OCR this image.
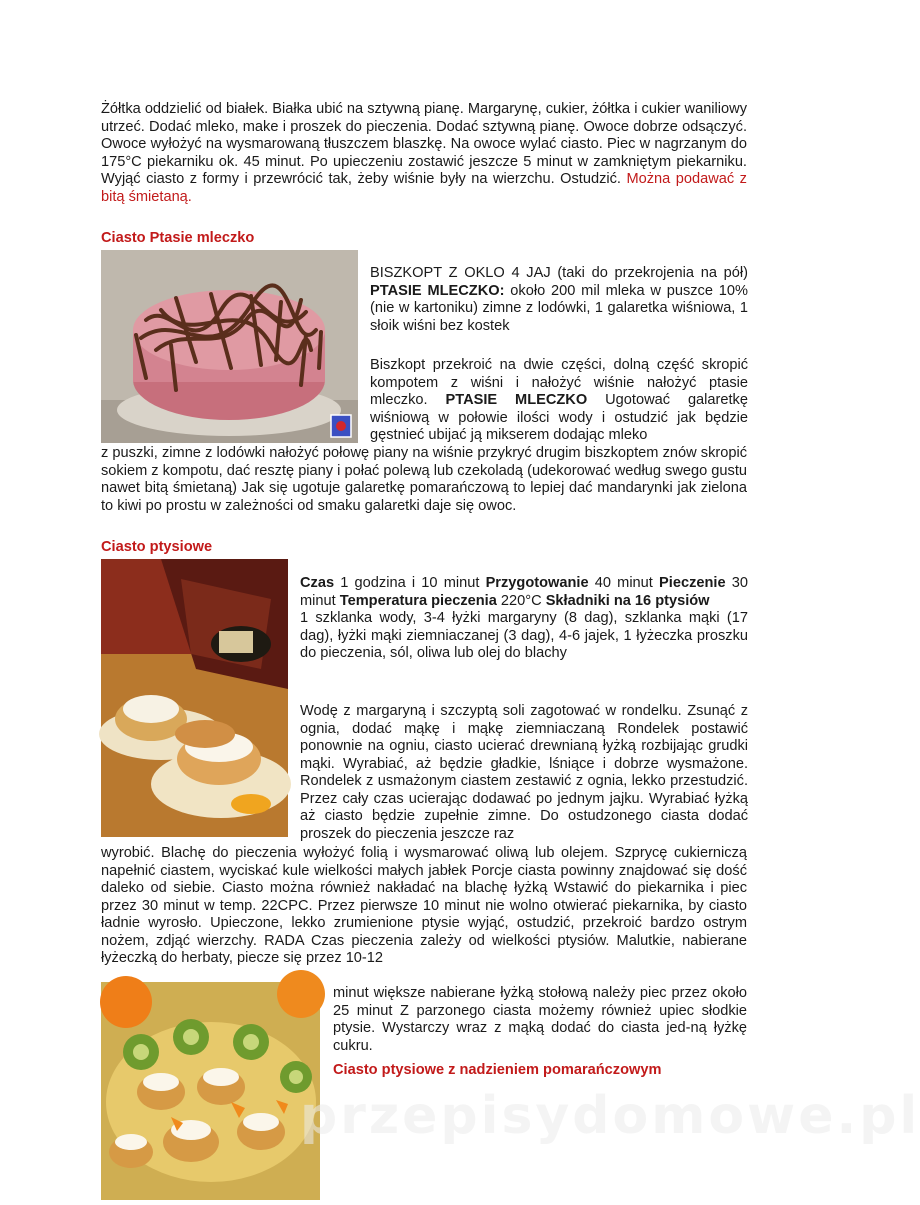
Żółtka oddzielić od białek. Białka ubić na sztywną pianę. Margarynę, cukier, żółtka i cukier waniliowy utrzeć. Dodać mleko, make i proszek do pieczenia. Dodać sztywną pianę. Owoce dobrze odsączyć. Owoce wyłożyć na wysmarowaną tłuszczem blaszkę. Na owoce wylać ciasto. Piec w nagrzanym do 175°C piekarniku ok. 45 minut. Po upieczeniu zostawić jeszcze 5 minut w zamkniętym piekarniku. Wyjąć ciasto z formy i przewrócić tak, żeby wiśnie były na wierzchu. Ostudzić. Można podawać z bitą śmietaną.

Ciasto Ptasie mleczko

BISZKOPT Z OKLO 4 JAJ (taki do przekrojenia na pół) PTASIE MLECZKO: około 200 mil mleka w puszce 10% (nie w kartoniku) zimne z lodówki, 1 galaretka wiśniowa, 1 słoik wiśni bez kostek

Biszkopt przekroić na dwie części, dolną część skropić kompotem z wiśni i nałożyć wiśnie nałożyć ptasie mleczko. PTASIE MLECZKO Ugotować galaretkę wiśniową w połowie ilości wody i ostudzić jak będzie gęstnieć ubijać ją mikserem dodając mleko

z puszki, zimne z lodówki nałożyć połowę piany na wiśnie przykryć drugim biszkoptem znów skropić sokiem z kompotu, dać resztę piany i połać polewą lub czekoladą (udekorować według swego gustu nawet bitą śmietaną) Jak się ugotuje galaretkę pomarańczową to lepiej dać mandarynki jak zielona to kiwi po prostu w zależności od smaku galaretki daje się owoc.

Ciasto ptysiowe

Czas 1 godzina i 10 minut Przygotowanie 40 minut Pieczenie 30 minut Temperatura pieczenia 220°C Składniki na 16 ptysiów
1 szklanka wody, 3-4 łyżki margaryny (8 dag), szklanka mąki (17 dag), łyżki mąki ziemniaczanej (3 dag), 4-6 jajek, 1 łyżeczka proszku do pieczenia, sól, oliwa lub olej do blachy

Wodę z margaryną i szczyptą soli zagotować w rondelku. Zsunąć z ognia, dodać mąkę i mąkę ziemniaczaną Rondelek postawić ponownie na ogniu, ciasto ucierać drewnianą łyżką rozbijając grudki mąki. Wyrabiać, aż będzie gładkie, lśniące i dobrze wysmażone. Rondelek z usmażonym ciastem zestawić z ognia, lekko przestudzić. Przez cały czas ucierając dodawać po jednym jajku. Wyrabiać łyżką aż ciasto będzie zupełnie zimne. Do ostudzonego ciasta dodać proszek do pieczenia jeszcze raz

wyrobić. Blachę do pieczenia wyłożyć folią i wysmarować oliwą lub olejem. Szprycę cukierniczą napełnić ciastem, wyciskać kule wielkości małych jabłek Porcje ciasta powinny znajdować się dość daleko od siebie. Ciasto można również nakładać na blachę łyżką Wstawić do piekarnika i piec przez 30 minut w temp. 22CPC. Przez pierwsze 10 minut nie wolno otwierać piekarnika, by ciasto ładnie wyrosło. Upieczone, lekko zrumienione ptysie wyjąć, ostudzić, przekroić bardzo ostrym nożem, zdjąć wierzchy. RADA Czas pieczenia zależy od wielkości ptysiów. Malutkie, nabierane łyżeczką do herbaty, piecze się przez 10-12

minut większe nabierane łyżką stołową należy piec przez około 25 minut Z parzonego ciasta możemy również upiec słodkie ptysie. Wystarczy wraz z mąką dodać do ciasta jed-ną łyżkę cukru.

Ciasto ptysiowe z nadzieniem pomarańczowym
przepisydomowe.pl
